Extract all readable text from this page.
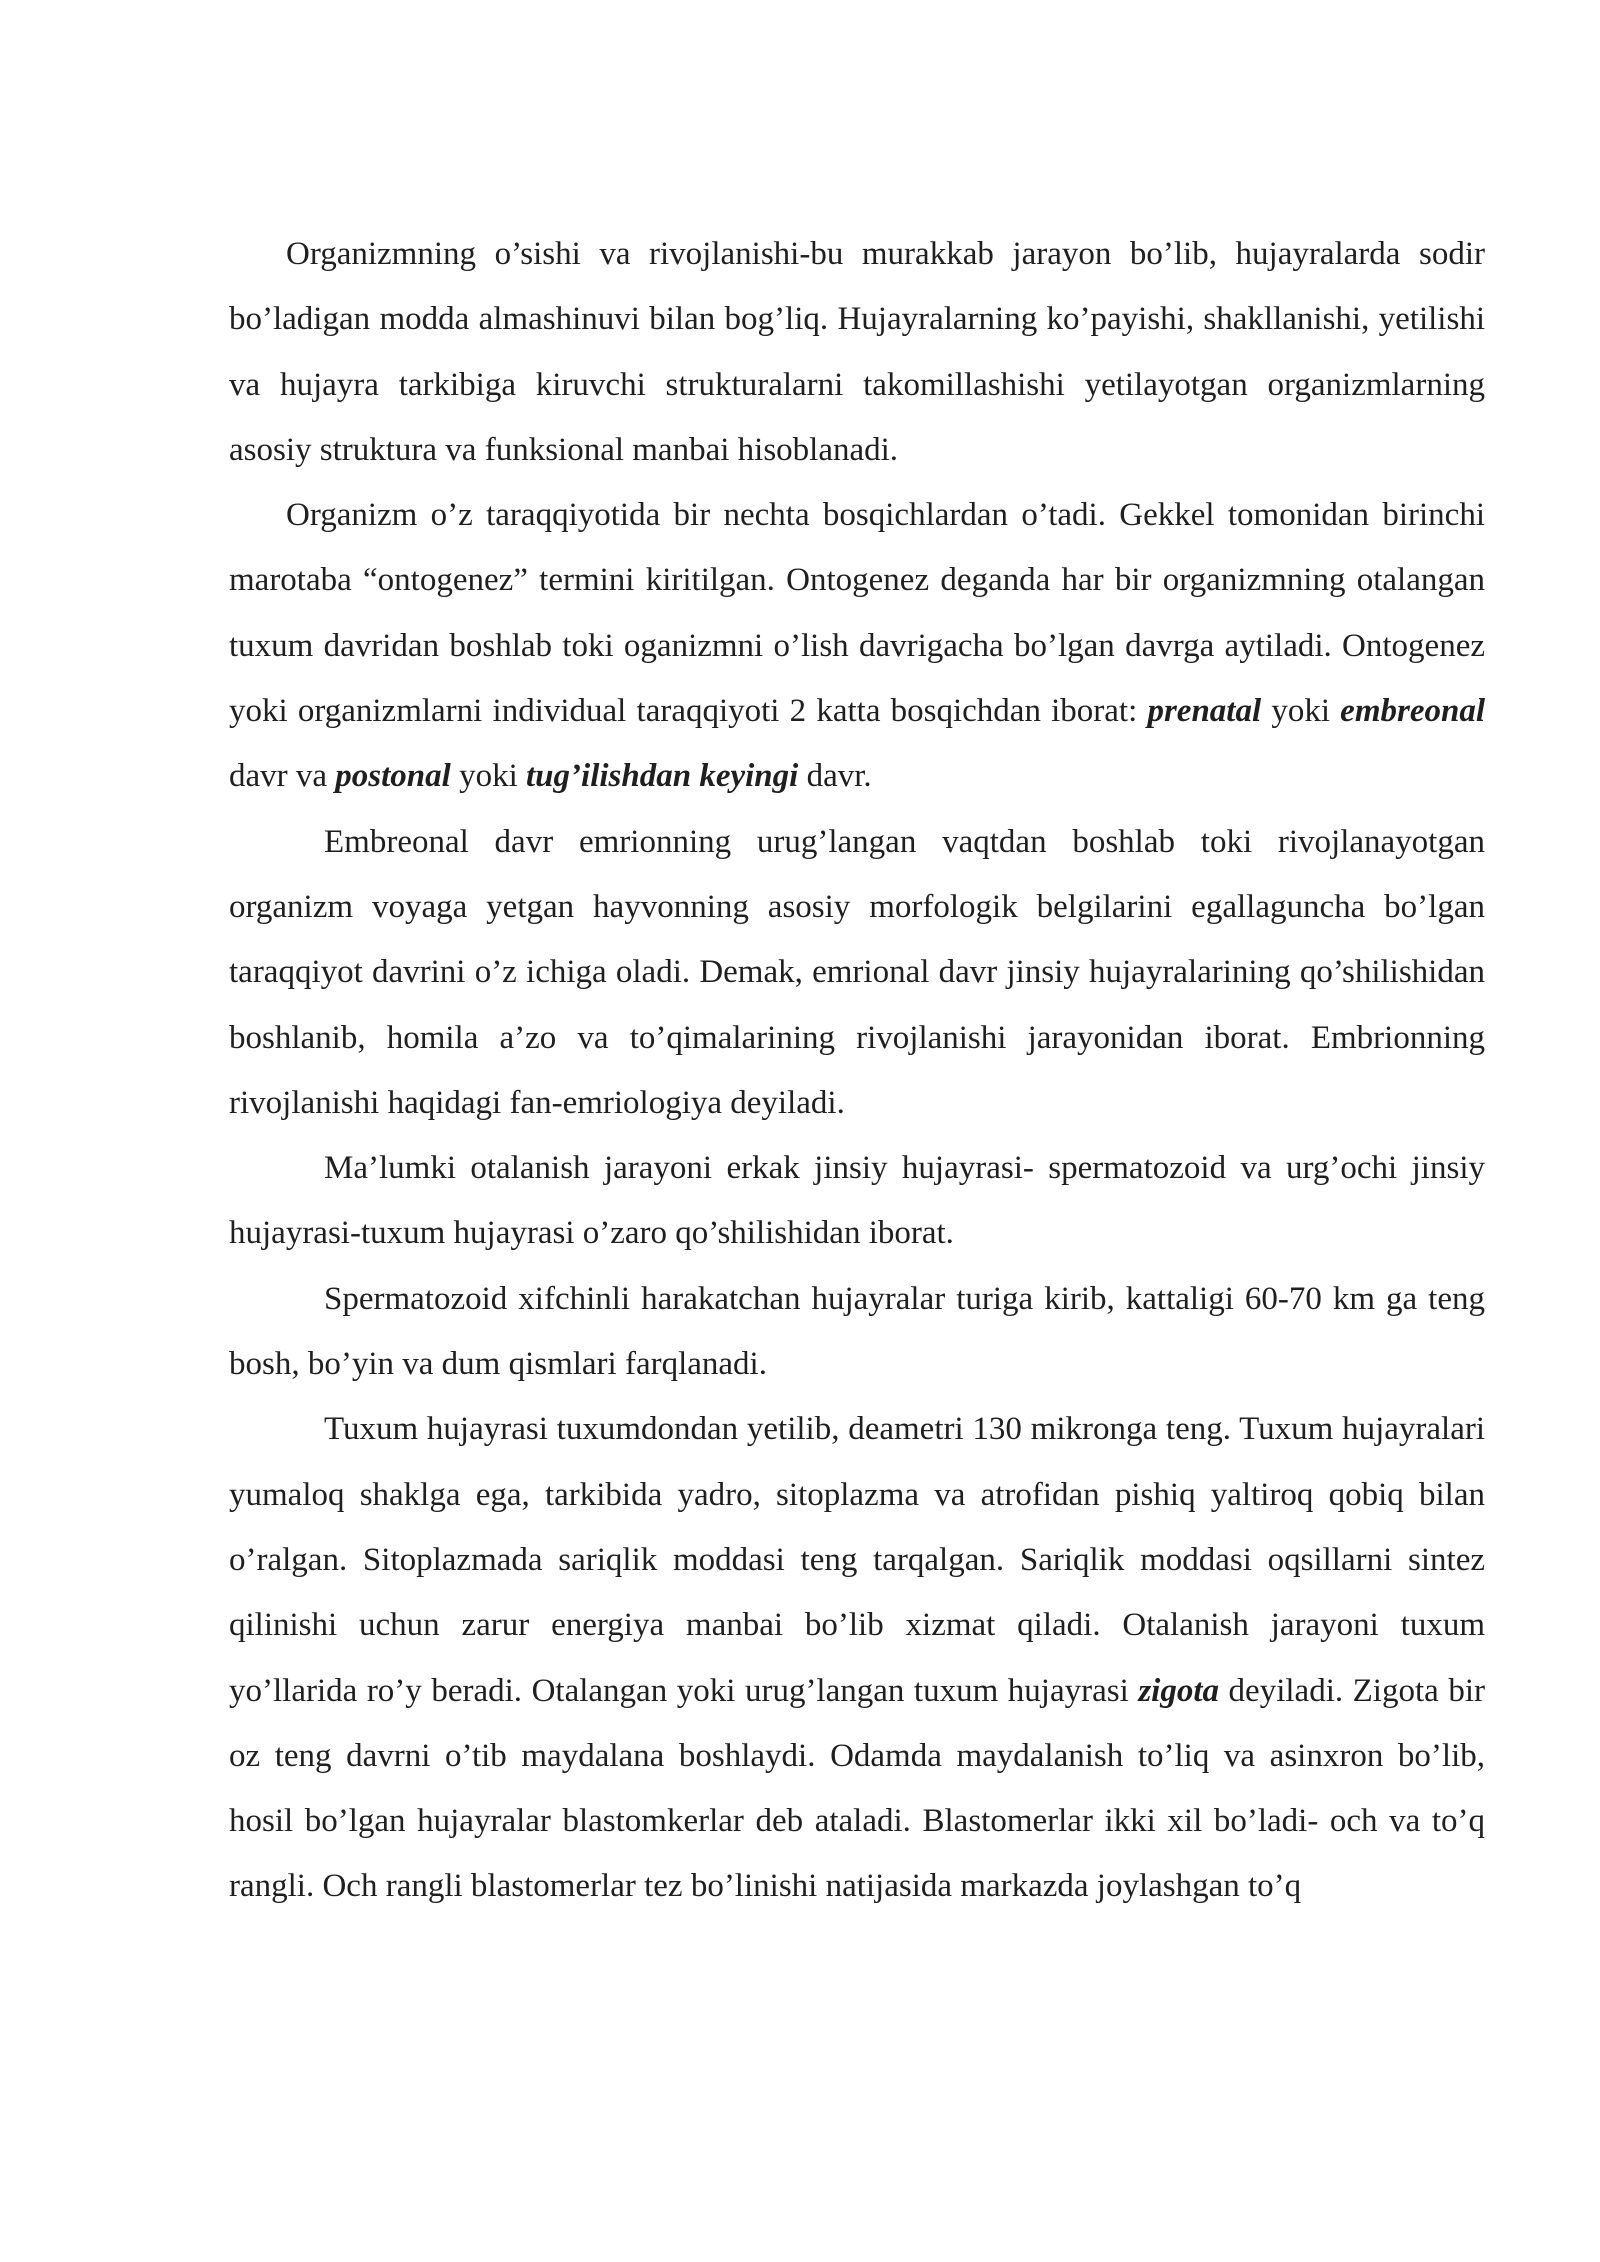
Organizmning o’sishi va rivojlanishi-bu murakkab jarayon bo’lib, hujayralarda sodir bo’ladigan modda almashinuvi bilan bog’liq. Hujayralarning ko’payishi, shakllanishi, yetilishi va hujayra tarkibiga kiruvchi strukturalarni takomillashishi yetilayotgan organizmlarning asosiy struktura va funksional manbai hisoblanadi.

Organizm o’z taraqqiyotida bir nechta bosqichlardan o’tadi. Gekkel tomonidan birinchi marotaba “ontogenez” termini kiritilgan. Ontogenez deganda har bir organizmning otalangan tuxum davridan boshlab toki oganizmni o’lish davrigacha bo’lgan davrga aytiladi. Ontogenez yoki organizmlarni individual taraqqiyoti 2 katta bosqichdan iborat: prenatal yoki embreonal davr va postonal yoki tug’ilishdan keyingi davr.

Embreonal davr emrionning urug’langan vaqtdan boshlab toki rivojlanayotgan organizm voyaga yetgan hayvonning asosiy morfologik belgilarini egallaguncha bo’lgan taraqqiyot davrini o’z ichiga oladi. Demak, emrional davr jinsiy hujayralarining qo’shilishidan boshlanib, homila a’zo va to’qimalarining rivojlanishi jarayonidan iborat. Embrionning rivojlanishi haqidagi fan-emriologiya deyiladi.

Ma’lumki otalanish jarayoni erkak jinsiy hujayrasi- spermatozoid va urg’ochi jinsiy hujayrasi-tuxum hujayrasi o’zaro qo’shilishidan iborat.

Spermatozoid xifchinli harakatchan hujayralar turiga kirib, kattaligi 60-70 km ga teng bosh, bo’yin va dum qismlari farqlanadi.

Tuxum hujayrasi tuxumdondan yetilib, deametri 130 mikronga teng. Tuxum hujayralari yumaloq shaklga ega, tarkibida yadro, sitoplazma va atrofidan pishiq yaltiroq qobiq bilan o’ralgan. Sitoplazmada sariqlik moddasi teng tarqalgan. Sariqlik moddasi oqsillarni sintez qilinishi uchun zarur energiya manbai bo’lib xizmat qiladi. Otalanish jarayoni tuxum yo’llarida ro’y beradi. Otalangan yoki urug’langan tuxum hujayrasi zigota deyiladi. Zigota bir oz teng davrni o’tib maydalana boshlaydi. Odamda maydalanish to’liq va asinxron bo’lib, hosil bo’lgan hujayralar blastomkerlar deb ataladi. Blastomerlar ikki xil bo’ladi- och va to’q rangli. Och rangli blastomerlar tez bo’linishi natijasida markazda joylashgan to’q
